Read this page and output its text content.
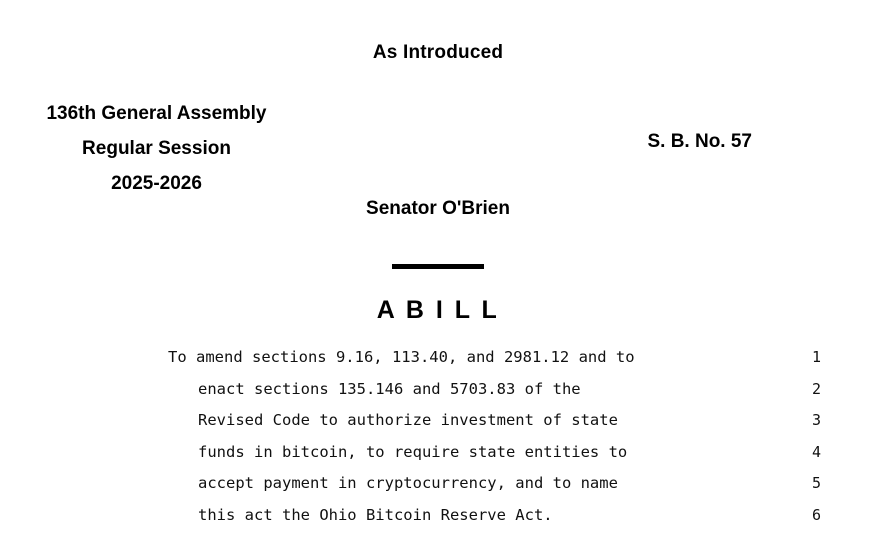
As Introduced
136th General Assembly
Regular Session
2025-2026
S. B. No. 57
Senator O'Brien
A B I L L
To amend sections 9.16, 113.40, and 2981.12 and to	1
enact sections 135.146 and 5703.83 of the	2
Revised Code to authorize investment of state	3
funds in bitcoin, to require state entities to	4
accept payment in cryptocurrency, and to name	5
this act the Ohio Bitcoin Reserve Act.	6
